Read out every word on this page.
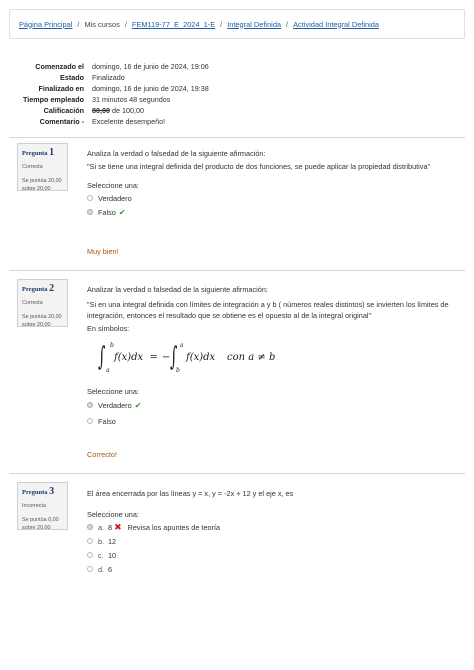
Página Principal / Mis cursos / FEM119-77_E_2024_1-E / Integral Definida / Actividad Integral Definida
Comenzado el domingo, 16 de junio de 2024, 19:06
Estado Finalizado
Finalizado en domingo, 16 de junio de 2024, 19:38
Tiempo empleado 31 minutos 48 segundos
Calificación 80,00 de 100,00
Comentario - Excelente desempeño!
Pregunta 1
Correcta
Se puntúa 20,00 sobre 20,00
Analiza la verdad o falsedad de la siguiente afirmación:
"Si se tiene una integral definida del producto de dos funciones, se puede aplicar la propiedad distributiva"
Seleccione una:
Verdadero
Falso ✔
Muy bien!
Pregunta 2
Correcta
Se puntúa 20,00 sobre 20,00
Analizar la verdad o falsedad de la siguiente afirmación:
"Si en una integral definida con límites de integración a y b ( números reales distintos) se invierten los límites de integración, entonces el resultado que se obtiene es el opuesto al de la integral original"
En símbolos:
∫ b
a
f(x)dx  = − ∫ a
b
f(x)dx con a ≠ b
Seleccione una:
Verdadero ✔
Falso
Correcto!
Pregunta 3
Incorrecta
Se puntúa 0,00 sobre 20,00
El área encerrada por las líneas y = x, y = -2x + 12 y el eje x, es
Seleccione una:
a. 8 ✖ Revisa los apuntes de teoría
b. 12
c. 10
d. 6
